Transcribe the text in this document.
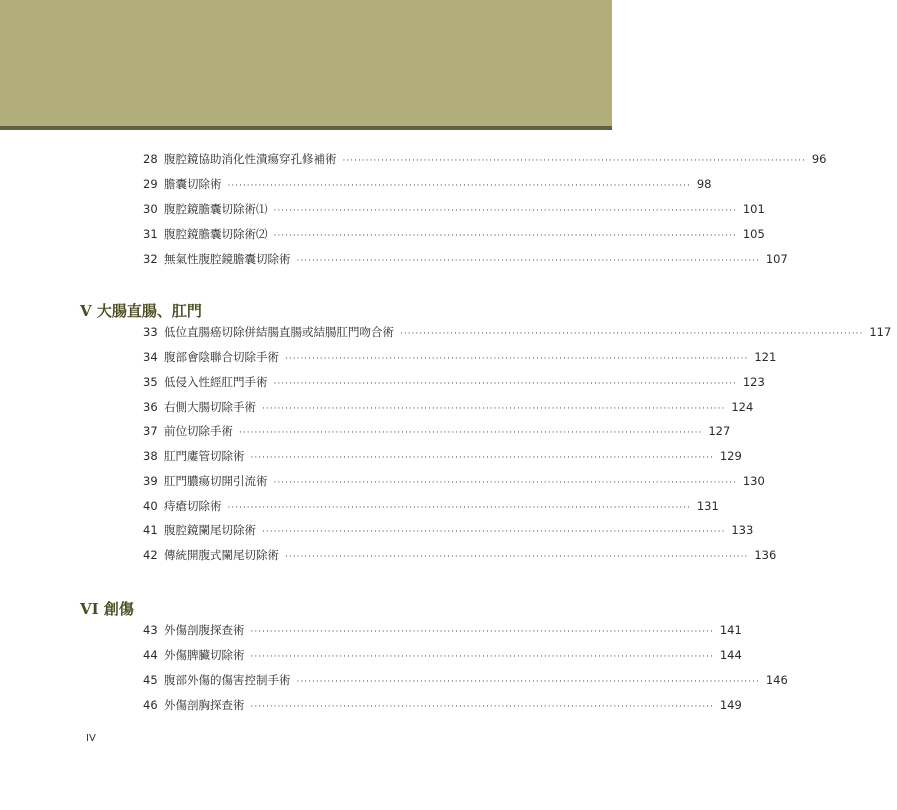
28 腹腔鏡協助消化性潰瘍穿孔修補術 ························································································································ 96
29 膽囊切除術 ························································································································ 98
30 腹腔鏡膽囊切除術⑴ ························································································································ 101
31 腹腔鏡膽囊切除術⑵ ························································································································ 105
32 無氣性腹腔鏡膽囊切除術 ························································································································ 107
V 大腸直腸、肛門
33 低位直腸癌切除併結腸直腸或結腸肛門吻合術 ························································································································ 117
34 腹部會陰聯合切除手術 ························································································································ 121
35 低侵入性經肛門手術 ························································································································ 123
36 右側大腸切除手術 ························································································································ 124
37 前位切除手術 ························································································································ 127
38 肛門廔管切除術 ························································································································ 129
39 肛門膿瘍切開引流術 ························································································································ 130
40 痔瘡切除術 ························································································································ 131
41 腹腔鏡闌尾切除術 ························································································································ 133
42 傳統開腹式闌尾切除術 ························································································································ 136
VI 創傷
43 外傷剖腹探查術 ························································································································ 141
44 外傷脾臟切除術 ························································································································ 144
45 腹部外傷的傷害控制手術 ························································································································ 146
46 外傷剖胸探查術 ························································································································ 149
IV
